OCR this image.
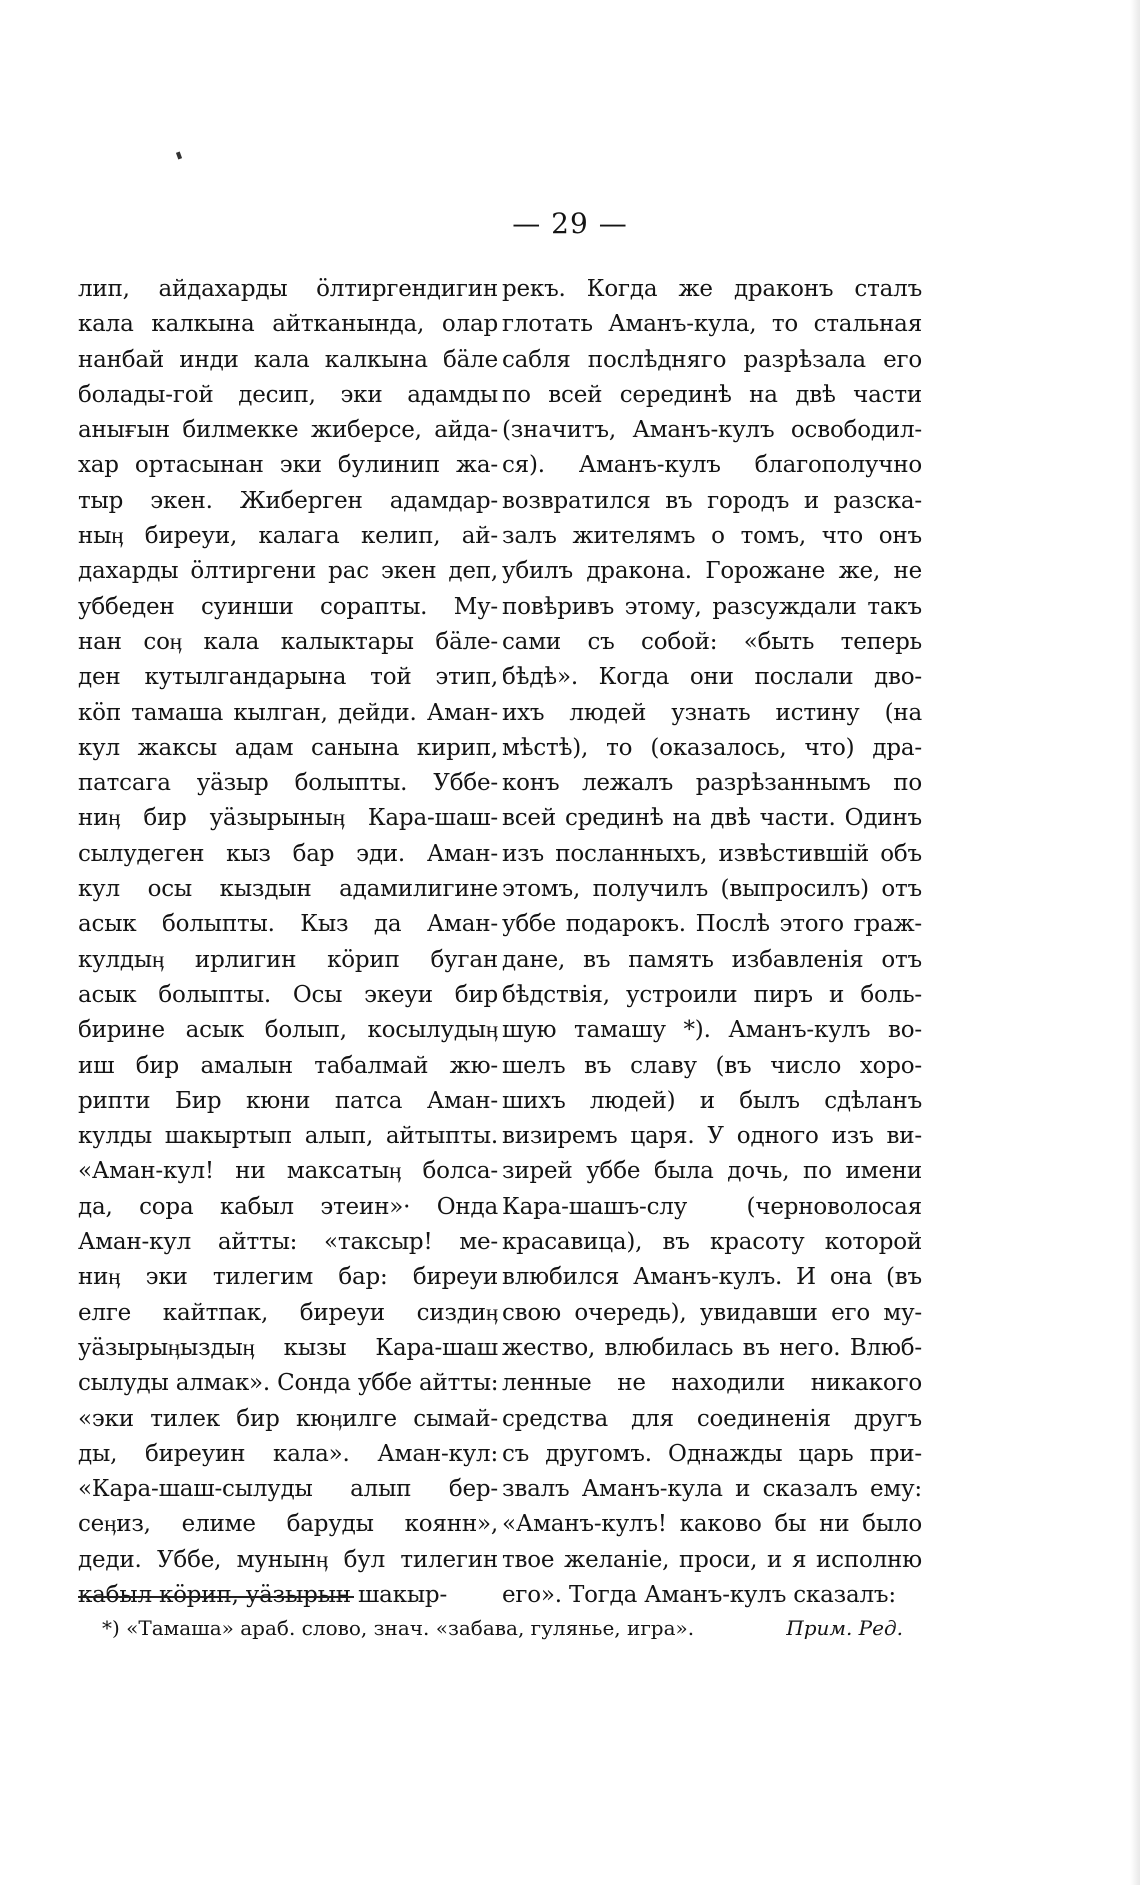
— 29 —
лип, айдахарды ӧлтиргендигин
кала калкына айтканында, олар
нанбай инди кала калкына бӓле
болады-гой десип, эки адамды
анығын билмекке жиберсе, айда-
хар ортасынан эки булинип жа-
тыр экен. Жиберген адамдар-
ныӊ биреуи, калага келип, ай-
дахарды ӧлтиргени рас экен деп,
уббеден суинши сорапты. Му-
нан соӊ кала калыктары бӓле-
ден кутылгандарына той этип,
кӧп тамаша кылган, дейди. Аман-
кул жаксы адам санына кирип,
патсага уӓзыр болыпты. Уббе-
ниӊ бир уӓзырыныӊ Кара-шаш-
сылудеген кыз бар эди. Аман-
кул осы кыздын адамилигине
асык болыпты. Кыз да Аман-
кулдыӊ ирлигин кӧрип буган
асык болыпты. Осы экеуи бир
бирине асык болып, косылудыӊ
иш бир амалын табалмай жю-
рипти Бир кюни патса Аман-
кулды шакыртып алып, айтыпты.
«Аман-кул! ни максатыӊ болса-
да, сора кабыл этеин»· Онда
Аман-кул айтты: «таксыр! ме-
ниӊ эки тилегим бар: биреуи
елге кайтпак, биреуи сиздиӊ
уӓзырыӊыздыӊ кызы Кара-шаш
сылуды алмак». Сонда уббе айтты:
«эки тилек бир кюӊилге сымай-
ды, биреуин кала». Аман-кул:
«Кара-шаш-сылуды алып бер-
сеӊиз, елиме баруды коянн»,
деди. Уббе, мунынӊ бул тилегин
кабыл кӧрип, уӓзырын шакыр-
рекъ. Когда же драконъ сталъ
глотать Аманъ-кула, то стальная
сабля послѣдняго разрѣзала его
по всей серединѣ на двѣ части
(значитъ, Аманъ-кулъ освободил-
ся). Аманъ-кулъ благополучно
возвратился въ городъ и разска-
залъ жителямъ о томъ, что онъ
убилъ дракона. Горожане же, не
повѣривъ этому, разсуждали такъ
сами съ собой: «быть теперь
бѣдѣ». Когда они послали дво-
ихъ людей узнать истину (на
мѣстѣ), то (оказалось, что) дра-
конъ лежалъ разрѣзаннымъ по
всей срединѣ на двѣ части. Одинъ
изъ посланныхъ, извѣстившій объ
этомъ, получилъ (выпросилъ) отъ
уббе подарокъ. Послѣ этого граж-
дане, въ память избавленія отъ
бѣдствія, устроили пиръ и боль-
шую тамашу *). Аманъ-кулъ во-
шелъ въ славу (въ число хоро-
шихъ людей) и былъ сдѣланъ
визиремъ царя. У одного изъ ви-
зирей уббе была дочь, по имени
Кара-шашъ-слу (черноволосая
красавица), въ красоту которой
влюбился Аманъ-кулъ. И она (въ
свою очередь), увидавши его му-
жество, влюбилась въ него. Влюб-
ленные не находили никакого
средства для соединенія другъ
съ другомъ. Однажды царь при-
звалъ Аманъ-кула и сказалъ ему:
«Аманъ-кулъ! каково бы ни было
твое желаніе, проси, и я исполню
его». Тогда Аманъ-кулъ сказалъ:
*) «Тамаша» араб. слово, знач. «забава, гулянье, игра».	Прим. Ред.
